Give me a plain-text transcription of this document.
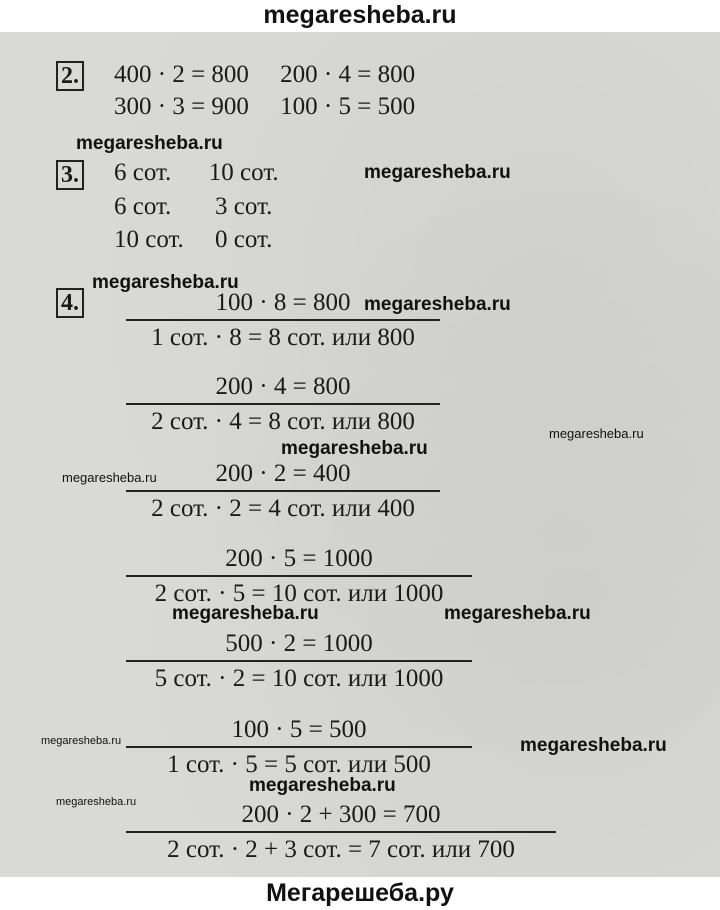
megaresheba.ru
2. 400 · 2 = 800     200 · 4 = 800
300 · 3 = 900     100 · 5 = 500
3. 6 сот.      10 сот.
6 сот.       3 сот.
10 сот.     0 сот.
4.	100 · 8 = 800
1 сот. · 8 = 8 сот. или 800
200 · 4 = 800
2 сот. · 4 = 8 сот. или 800
200 · 2 = 400
2 сот. · 2 = 4 сот. или 400
200 · 5 = 1000
2 сот. · 5 = 10 сот. или 1000
500 · 2 = 1000
5 сот. · 2 = 10 сот. или 1000
100 · 5 = 500
1 сот. · 5 = 5 сот. или 500
200 · 2 + 300 = 700
2 сот. · 2 + 3 сот. = 7 сот. или 700
megaresheba.ru
megaresheba.ru
megaresheba.ru
megaresheba.ru
megaresheba.ru
megaresheba.ru
megaresheba.ru
megaresheba.ru	megaresheba.ru
megaresheba.ru	megaresheba.ru
megaresheba.ru
megaresheba.ru
Мегарешеба.ру
